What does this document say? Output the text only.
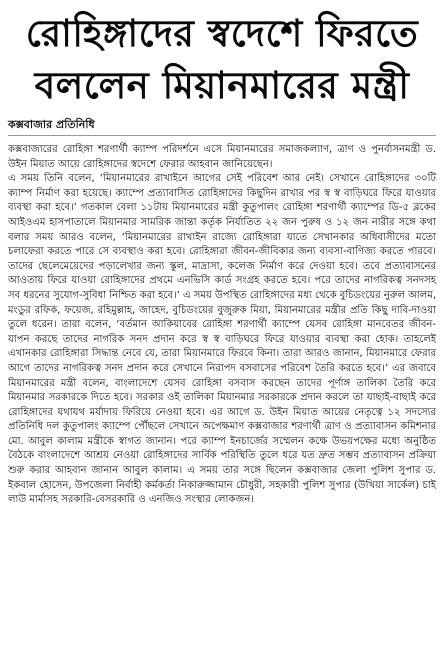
রোহিঙ্গাদের স্বদেশে ফিরতে
বললেন মিয়ানমারের মন্ত্রী
কক্সবাজার প্রতিনিধি

কক্সবাজারের রোহিঙ্গা শরণার্থী ক্যাম্প পরিদর্শনে এসে মিয়ানমারের সমাজকল্যাণ, ত্রাণ ও পুনর্বাসনমন্ত্রী ড. উইন মিয়াত আয়ে রোহিঙ্গাদের স্বদেশে ফেরার আহবান জানিয়েছেন।

এ সময় তিনি বলেন, ‘মিয়ানমারের রাখাইনে আগের সেই পরিবেশ আর নেই। সেখানে রোহিঙ্গাদের ৩০টি ক্যাম্প নির্মাণ করা হয়েছে। ক্যাম্পে প্রত্যাবাসিত রোহিঙ্গাদের কিছুদিন রাখার পর স্ব স্ব বাড়িঘরে ফিরে যাওয়ার ব্যবস্থা করা হবে।’ গতকাল বেলা ১১টায় মিয়ানমারের মন্ত্রী কুতুপালং রোহিঙ্গা শরণার্থী ক্যাম্পের ডি-৫ ব্লকের আইওএম হাসপাতালে মিয়ানমার সামরিক জান্তা কর্তৃক নির্যাতিত ২২ জন পুরুষ ও ১২ জন নারীর সঙ্গে কথা বলার সময় আরও বলেন, ‘মিয়ানমারের রাখাইন রাজ্যে রোহিঙ্গারা যাতে সেখানকার অধিবাসীদের মতো চলাফেরা করতে পারে সে ব্যবস্থাও করা হবে। রোহিঙ্গারা জীবন-জীবিকার জন্য ব্যবসা-বাণিজ্য করতে পারবে। তাদের ছেলেমেয়েদের পড়ালেখার জন্য স্কুল, মাদ্রাসা, কলেজ নির্মাণ করে দেওয়া হবে। তবে প্রত্যাবাসনের আওতায় ফিরে যাওয়া রোহিঙ্গাদের প্রথমে এনভিসি কার্ড সংগ্রহ করতে হবে। পরে তাদের নাগরিকত্ব সনদসহ সব ধরনের সুযোগ-সুবিধা নিশ্চিত করা হবে।’ এ সময় উপস্থিত রোহিঙ্গাদের মধ্য থেকে বুচিডংয়ের নুরুল আলম, মংডুর রফিক, ফয়েজ, রহিমুল্লাহ, জাহেদ, বুচিডংয়ের বুজুরুক মিয়া, মিয়ানমারের মন্ত্রীর প্রতি কিছু দাবি-দাওয়া তুলে ধরেন। তারা বলেন, ‘বর্তমান আকিয়াবের রোহিঙ্গা শরণার্থী ক্যাম্পে যেসব রোহিঙ্গা মানবেতর জীবন-যাপন করছে তাদের নাগরিক সনদ প্রদান করে স্ব স্ব বাড়িঘরে ফিরে যাওয়ার ব্যবস্থা করা হোক। তাহলেই এখানকার রোহিঙ্গারা সিদ্ধান্ত নেবে যে, তারা মিয়ানমারে ফিরবে কিনা। তারা আরও জানান, মিয়ানমারে ফেরার আগে তাদের নাগরিকত্ব সনদ প্রদান করে সেখানে নিরাপদ বসবাসের পরিবেশ তৈরি করতে হবে।’ এর জবাবে মিয়ানমারের মন্ত্রী বলেন, বাংলাদেশে যেসব রোহিঙ্গা বসবাস করছেন তাদের পূর্ণাঙ্গ তালিকা তৈরি করে মিয়ানমার সরকারকে দিতে হবে। সরকার ওই তালিকা মিয়ানমার সরকারকে প্রদান করলে তা যাছাই-বাছাই করে রোহিঙ্গাদের যথাযথ মর্যাদায় ফিরিয়ে নেওয়া হবে। এর আগে ড. উইন মিয়াত আয়ের নেতৃত্বে ১২ সদস্যের প্রতিনিধি দল কুতুপালং ক্যাম্পে পৌঁছলে সেখানে অপেক্ষমাণ কক্সবাজার শরণার্থী ত্রাণ ও প্রত্যাবাসন কমিশনার মো. আবুল কালাম মন্ত্রীকে স্বাগত জানান। পরে ক্যাম্প ইনচার্জের সম্মেলন কক্ষে উভয়পক্ষের মধ্যে অনুষ্ঠিত বৈঠকে বাংলাদেশে আশ্রয় নেওয়া রোহিঙ্গাদের সার্বিক পরিস্থিতি তুলে ধরে যত দ্রুত সম্ভব প্রত্যাবাসন প্রক্রিয়া শুরু করার আহবান জানান আবুল কালাম। এ সময় তার সঙ্গে ছিলেন কক্সবাজার জেলা পুলিশ সুপার ড. ইকবাল হোসেন, উপজেলা নির্বাহী কর্মকর্তা নিকারুজ্জামান চৌধুরী, সহকারী পুলিশ সুপার (উখিয়া সার্কেল) চাই লাউ মার্মাসহ সরকারি-বেসরকারি ও এনজিও সংস্থার লোকজন।
